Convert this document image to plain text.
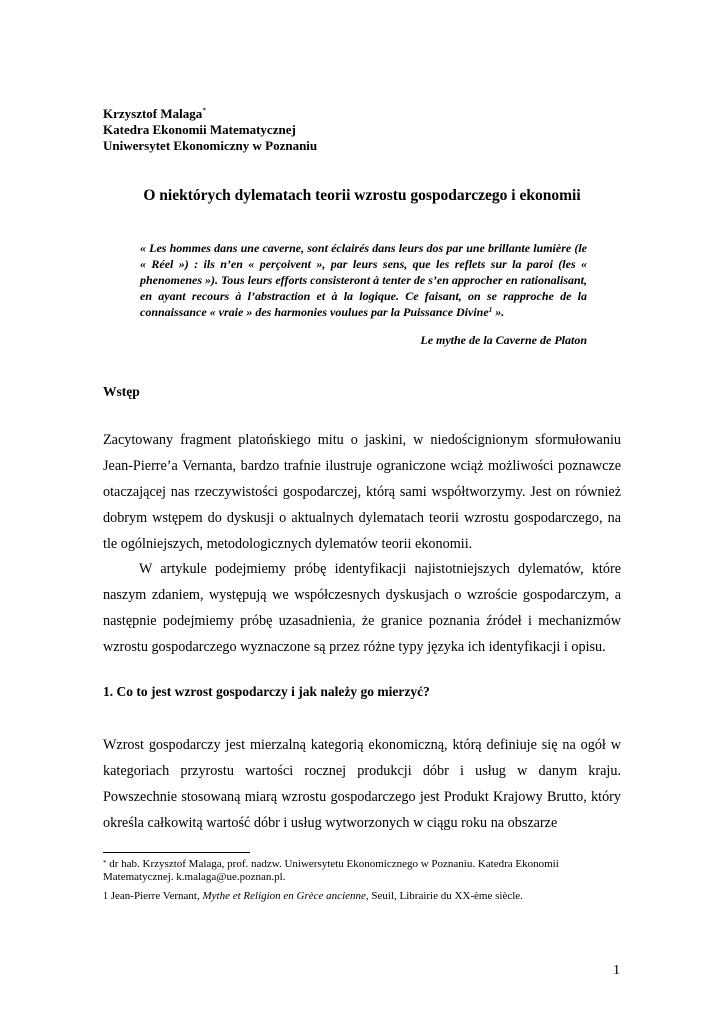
Krzysztof Malaga*
Katedra Ekonomii Matematycznej
Uniwersytet Ekonomiczny w Poznaniu
O niektórych dylematach teorii wzrostu gospodarczego i ekonomii
« Les hommes dans une caverne, sont éclairés dans leurs dos par une brillante lumière (le « Réel ») : ils n’en « perçoivent », par leurs sens, que les reflets sur la paroi (les « phenomenes »). Tous leurs efforts consisteront à tenter de s’en approcher en rationalisant, en ayant recours à l’abstraction et à la logique. Ce faisant, on se rapproche de la connaissance « vraie » des harmonies voulues par la Puissance Divine$^1$ ».
Le mythe de la Caverne de Platon
Wstęp
Zacytowany fragment platońskiego mitu o jaskini, w niedoścignionym sformułowaniu Jean-Pierre’a Vernanta, bardzo trafnie ilustruje ograniczone wciąż możliwości poznawcze otaczającej nas rzeczywistości gospodarczej, którą sami współtworzymy. Jest on również dobrym wstępem do dyskusji o aktualnych dylematach teorii wzrostu gospodarczego, na tle ogólniejszych, metodologicznych dylematów teorii ekonomii.
W artykule podejmiemy próbę identyfikacji najistotniejszych dylematów, które naszym zdaniem, występują we współczesnych dyskusjach o wzroście gospodarczym, a następnie podejmiemy próbę uzasadnienia, że granice poznania źródeł i mechanizmów wzrostu gospodarczego wyznaczone są przez różne typy języka ich identyfikacji i opisu.
1. Co to jest wzrost gospodarczy i jak należy go mierzyć?
Wzrost gospodarczy jest mierzalną kategorią ekonomiczną, którą definiuje się na ogół w kategoriach przyrostu wartości rocznej produkcji dóbr i usług w danym kraju. Powszechnie stosowaną miarą wzrostu gospodarczego jest Produkt Krajowy Brutto, który określa całkowitą wartość dóbr i usług wytworzonych w ciągu roku na obszarze
* dr hab. Krzysztof Malaga, prof. nadzw. Uniwersytetu Ekonomicznego w Poznaniu. Katedra Ekonomii Matematycznej. k.malaga@ue.poznan.pl.
1 Jean-Pierre Vernant, Mythe et Religion en Grèce ancienne, Seuil, Librairie du XX-ème siècle.
1
